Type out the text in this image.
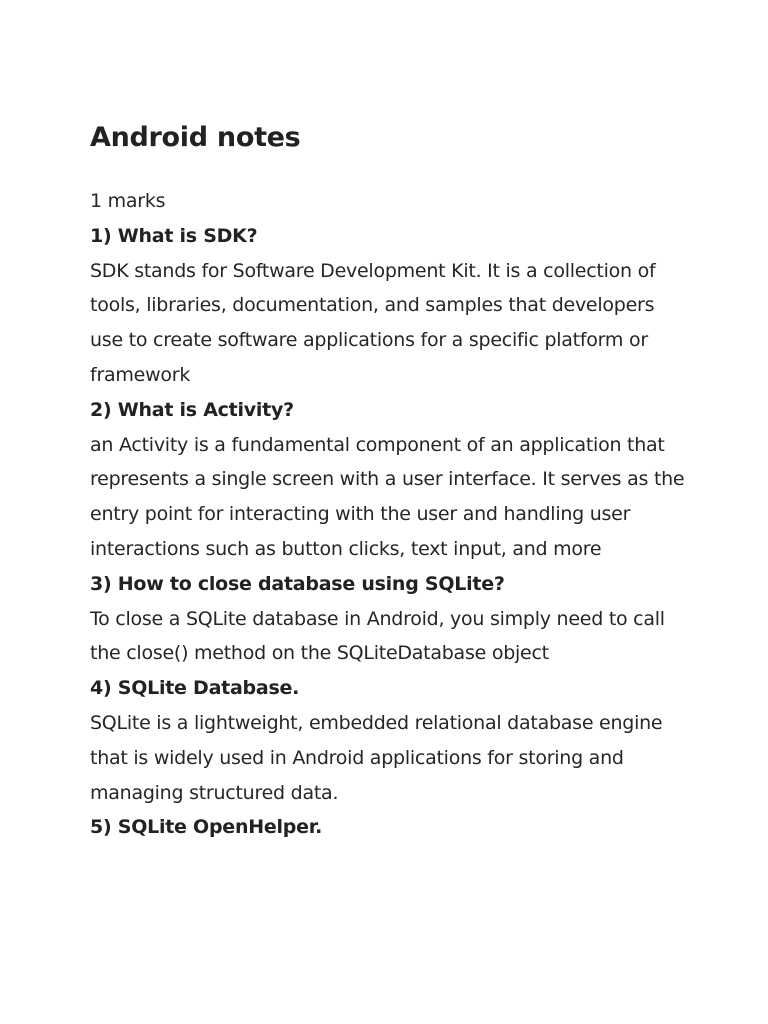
Android notes

1 marks

1) What is SDK?

SDK stands for Software Development Kit. It is a collection of tools, libraries, documentation, and samples that developers use to create software applications for a specific platform or framework

2) What is Activity?

an Activity is a fundamental component of an application that represents a single screen with a user interface. It serves as the entry point for interacting with the user and handling user interactions such as button clicks, text input, and more

3) How to close database using SQLite?

To close a SQLite database in Android, you simply need to call the close() method on the SQLiteDatabase object

4) SQLite Database.

SQLite is a lightweight, embedded relational database engine that is widely used in Android applications for storing and managing structured data.

5) SQLite OpenHelper.
